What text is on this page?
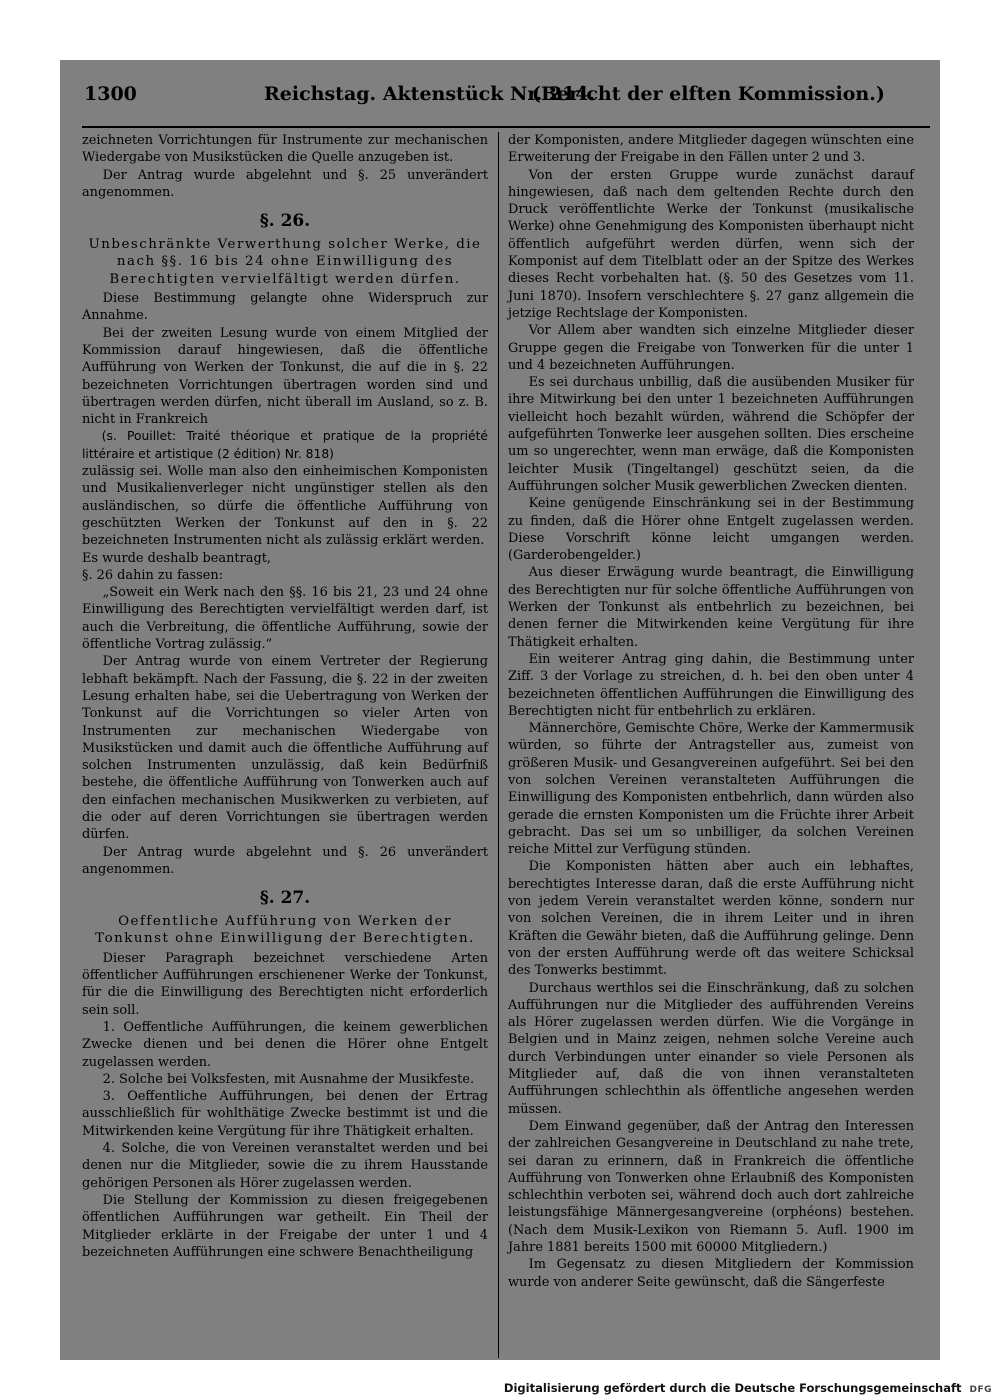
1300	Reichstag. Aktenstück Nr. 214.
(Bericht der elften Kommission.)

zeichneten Vorrichtungen für Instrumente zur mechanischen Wiedergabe von Musikstücken die Quelle anzugeben ist.

Der Antrag wurde abgelehnt und §. 25 unverändert angenommen.

§. 26.
Unbeschränkte Verwerthung solcher Werke, die nach §§. 16 bis 24 ohne Einwilligung des Berechtigten vervielfältigt werden dürfen.

Diese Bestimmung gelangte ohne Widerspruch zur Annahme.

Bei der zweiten Lesung wurde von einem Mitglied der Kommission darauf hingewiesen, daß die öffentliche Aufführung von Werken der Tonkunst, die auf die in §. 22 bezeichneten Vorrichtungen übertragen worden sind und übertragen werden dürfen, nicht überall im Ausland, so z. B. nicht in Frankreich

(s. Pouillet: Traité théorique et pratique de la propriété littéraire et artistique (2 édition) Nr. 818)

zulässig sei. Wolle man also den einheimischen Komponisten und Musikalienverleger nicht ungünstiger stellen als den ausländischen, so dürfe die öffentliche Aufführung von geschützten Werken der Tonkunst auf den in §. 22 bezeichneten Instrumenten nicht als zulässig erklärt werden.

Es wurde deshalb beantragt,

§. 26 dahin zu fassen:

„Soweit ein Werk nach den §§. 16 bis 21, 23 und 24 ohne Einwilligung des Berechtigten vervielfältigt werden darf, ist auch die Verbreitung, die öffentliche Aufführung, sowie der öffentliche Vortrag zulässig.“

Der Antrag wurde von einem Vertreter der Regierung lebhaft bekämpft. Nach der Fassung, die §. 22 in der zweiten Lesung erhalten habe, sei die Uebertragung von Werken der Tonkunst auf die Vorrichtungen so vieler Arten von Instrumenten zur mechanischen Wiedergabe von Musikstücken und damit auch die öffentliche Aufführung auf solchen Instrumenten unzulässig, daß kein Bedürfniß bestehe, die öffentliche Aufführung von Tonwerken auch auf den einfachen mechanischen Musikwerken zu verbieten, auf die oder auf deren Vorrichtungen sie übertragen werden dürfen.

Der Antrag wurde abgelehnt und §. 26 unverändert angenommen.

§. 27.
Oeffentliche Aufführung von Werken der Tonkunst ohne Einwilligung der Berechtigten.

Dieser Paragraph bezeichnet verschiedene Arten öffentlicher Aufführungen erschienener Werke der Tonkunst, für die die Einwilligung des Berechtigten nicht erforderlich sein soll.

1. Oeffentliche Aufführungen, die keinem gewerblichen Zwecke dienen und bei denen die Hörer ohne Entgelt zugelassen werden.

2. Solche bei Volksfesten, mit Ausnahme der Musikfeste.

3. Oeffentliche Aufführungen, bei denen der Ertrag ausschließlich für wohlthätige Zwecke bestimmt ist und die Mitwirkenden keine Vergütung für ihre Thätigkeit erhalten.

4. Solche, die von Vereinen veranstaltet werden und bei denen nur die Mitglieder, sowie die zu ihrem Hausstande gehörigen Personen als Hörer zugelassen werden.

Die Stellung der Kommission zu diesen freigegebenen öffentlichen Aufführungen war getheilt. Ein Theil der Mitglieder erklärte in der Freigabe der unter 1 und 4 bezeichneten Aufführungen eine schwere Benachtheiligung

der Komponisten, andere Mitglieder dagegen wünschten eine Erweiterung der Freigabe in den Fällen unter 2 und 3.

Von der ersten Gruppe wurde zunächst darauf hingewiesen, daß nach dem geltenden Rechte durch den Druck veröffentlichte Werke der Tonkunst (musikalische Werke) ohne Genehmigung des Komponisten überhaupt nicht öffentlich aufgeführt werden dürfen, wenn sich der Komponist auf dem Titelblatt oder an der Spitze des Werkes dieses Recht vorbehalten hat. (§. 50 des Gesetzes vom 11. Juni 1870). Insofern verschlechtere §. 27 ganz allgemein die jetzige Rechtslage der Komponisten.

Vor Allem aber wandten sich einzelne Mitglieder dieser Gruppe gegen die Freigabe von Tonwerken für die unter 1 und 4 bezeichneten Aufführungen.

Es sei durchaus unbillig, daß die ausübenden Musiker für ihre Mitwirkung bei den unter 1 bezeichneten Aufführungen vielleicht hoch bezahlt würden, während die Schöpfer der aufgeführten Tonwerke leer ausgehen sollten. Dies erscheine um so ungerechter, wenn man erwäge, daß die Komponisten leichter Musik (Tingeltangel) geschützt seien, da die Aufführungen solcher Musik gewerblichen Zwecken dienten.

Keine genügende Einschränkung sei in der Bestimmung zu finden, daß die Hörer ohne Entgelt zugelassen werden. Diese Vorschrift könne leicht umgangen werden. (Garderobengelder.)

Aus dieser Erwägung wurde beantragt, die Einwilligung des Berechtigten nur für solche öffentliche Aufführungen von Werken der Tonkunst als entbehrlich zu bezeichnen, bei denen ferner die Mitwirkenden keine Vergütung für ihre Thätigkeit erhalten.

Ein weiterer Antrag ging dahin, die Bestimmung unter Ziff. 3 der Vorlage zu streichen, d. h. bei den oben unter 4 bezeichneten öffentlichen Aufführungen die Einwilligung des Berechtigten nicht für entbehrlich zu erklären.

Männerchöre, Gemischte Chöre, Werke der Kammermusik würden, so führte der Antragsteller aus, zumeist von größeren Musik- und Gesangvereinen aufgeführt. Sei bei den von solchen Vereinen veranstalteten Aufführungen die Einwilligung des Komponisten entbehrlich, dann würden also gerade die ernsten Komponisten um die Früchte ihrer Arbeit gebracht. Das sei um so unbilliger, da solchen Vereinen reiche Mittel zur Verfügung stünden.

Die Komponisten hätten aber auch ein lebhaftes, berechtigtes Interesse daran, daß die erste Aufführung nicht von jedem Verein veranstaltet werden könne, sondern nur von solchen Vereinen, die in ihrem Leiter und in ihren Kräften die Gewähr bieten, daß die Aufführung gelinge. Denn von der ersten Aufführung werde oft das weitere Schicksal des Tonwerks bestimmt.

Durchaus werthlos sei die Einschränkung, daß zu solchen Aufführungen nur die Mitglieder des aufführenden Vereins als Hörer zugelassen werden dürfen. Wie die Vorgänge in Belgien und in Mainz zeigen, nehmen solche Vereine auch durch Verbindungen unter einander so viele Personen als Mitglieder auf, daß die von ihnen veranstalteten Aufführungen schlechthin als öffentliche angesehen werden müssen.

Dem Einwand gegenüber, daß der Antrag den Interessen der zahlreichen Gesangvereine in Deutschland zu nahe trete, sei daran zu erinnern, daß in Frankreich die öffentliche Aufführung von Tonwerken ohne Erlaubniß des Komponisten schlechthin verboten sei, während doch auch dort zahlreiche leistungsfähige Männergesangvereine (orphéons) bestehen. (Nach dem Musik-Lexikon von Riemann 5. Aufl. 1900 im Jahre 1881 bereits 1500 mit 60000 Mitgliedern.)

Im Gegensatz zu diesen Mitgliedern der Kommission wurde von anderer Seite gewünscht, daß die Sängerfeste

Digitalisierung gefördert durch die Deutsche Forschungsgemeinschaft DFG
